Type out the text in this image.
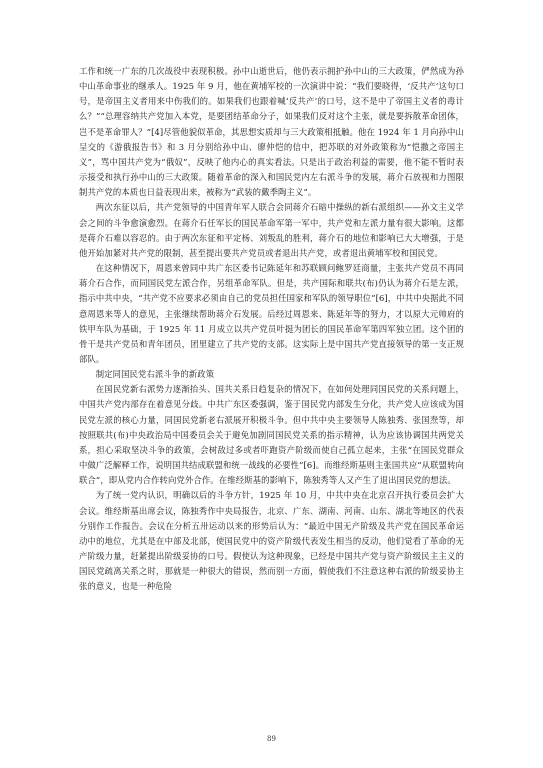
工作和统一广东的几次战役中表现积极。孙中山逝世后，他仍表示拥护孙中山的三大政策，俨然成为孙中山革命事业的继承人。1925 年 9 月，他在黄埔军校的一次演讲中说：“我们要晓得，‘反共产’这句口号，是帝国主义者用来中伤我们的。如果我们也跟着喊‘反共产’的口号，这不是中了帝国主义者的毒计么？”“总理容纳共产党加入本党，是要团结革命分子，如果我们反对这个主张，就是要拆散革命团体，岂不是革命罪人？”[4]尽管他貌似革命，其思想实质却与三大政策相抵触。他在 1924 年 1 月向孙中山呈交的《游俄报告书》和 3 月分别给孙中山、廖仲恺的信中，把苏联的对外政策称为“恺撒之帝国主义”，骂中国共产党为“俄奴”，反映了他内心的真实看法。只是出于政治利益的需要，他不能不暂时表示接受和执行孙中山的三大政策。随着革命的深入和国民党内左右派斗争的发展，蒋介石放视和力图限制共产党的本质也日益表现出来，被称为“武装的戴季陶主义”。

两次东征以后，共产党领导的中国青年军人联合会同蒋介石暗中操纵的新右派组织——孙文主义学会之间的斗争愈演愈烈。在蒋介石任军长的国民革命军第一军中，共产党和左派力量有很大影响。这都是蒋介石难以容忍的。由于两次东征和平定杨、刘叛乱的胜利，蒋介石的地位和影响已大大增强，于是他开始加紧对共产党的限制，甚至提出要共产党员或者退出共产党，或者退出黄埔军校和国民党。

在这种情况下，周恩来曾同中共广东区委书记陈延年和苏联顾问鲍罗廷商量，主张共产党员不再同蒋介石合作，而同国民党左派合作，另组革命军队。但是，共产国际和联共(布)仍认为蒋介石是左派，指示中共中央，“共产党不应要求必须由自己的党员担任国家和军队的领导职位”[6]，中共中央据此不同意周恩来等人的意见，主张继续帮助蒋介石发展。后经过周恩来、陈延年等的努力，才以原大元帅府的铁甲车队为基础，于 1925 年 11 月成立以共产党员叶挺为团长的国民革命军第四军独立团。这个团的骨干是共产党员和青年团员，团里建立了共产党的支部。这实际上是中国共产党直接领导的第一支正规部队。

制定同国民党右派斗争的新政策

在国民党新右派势力逐渐抬头、国共关系日趋复杂的情况下，在如何处理同国民党的关系问题上，中国共产党内部存在着意见分歧。中共广东区委强调，鉴于国民党内部发生分化，共产党人应该成为国民党左派的核心力量，同国民党新老右派展开积极斗争。但中共中央主要领导人陈独秀、张国焘等，却按照联共(布)中央政治局中国委员会关于避免加剧同国民党关系的指示精神，认为应该协调国共两党关系，担心采取坚决斗争的政策，会树敌过多或者吓跑资产阶级而使自己孤立起来，主张“在国民党群众中做广泛解释工作，说明国共结成联盟和统一战线的必要性”[6]。而维经斯基则主张国共应“从联盟转向联合”，即从党内合作转向党外合作。在维经斯基的影响下，陈独秀等人又产生了退出国民党的想法。

为了统一党内认识，明确以后的斗争方针，1925 年 10 月，中共中央在北京召开执行委员会扩大会议。维经斯基出席会议，陈独秀作中央局报告，北京、广东、湖南、河南、山东、湖北等地区的代表分别作工作报告。会议在分析五卅运动以来的形势后认为：“最近中国无产阶级及共产党在国民革命运动中的地位，尤其是在中部及北部，使国民党中的资产阶级代表发生相当的反动，他们觉看了革命的无产阶级力量，赶紧提出阶级妥协的口号。假使认为这种现象，已经是中国共产党与资产阶级民主主义的国民党疏离关系之时，那就是一种很大的错误，然而别一方面，假使我们不注意这种右派的阶级妥协主张的意义，也是一种危险

89
